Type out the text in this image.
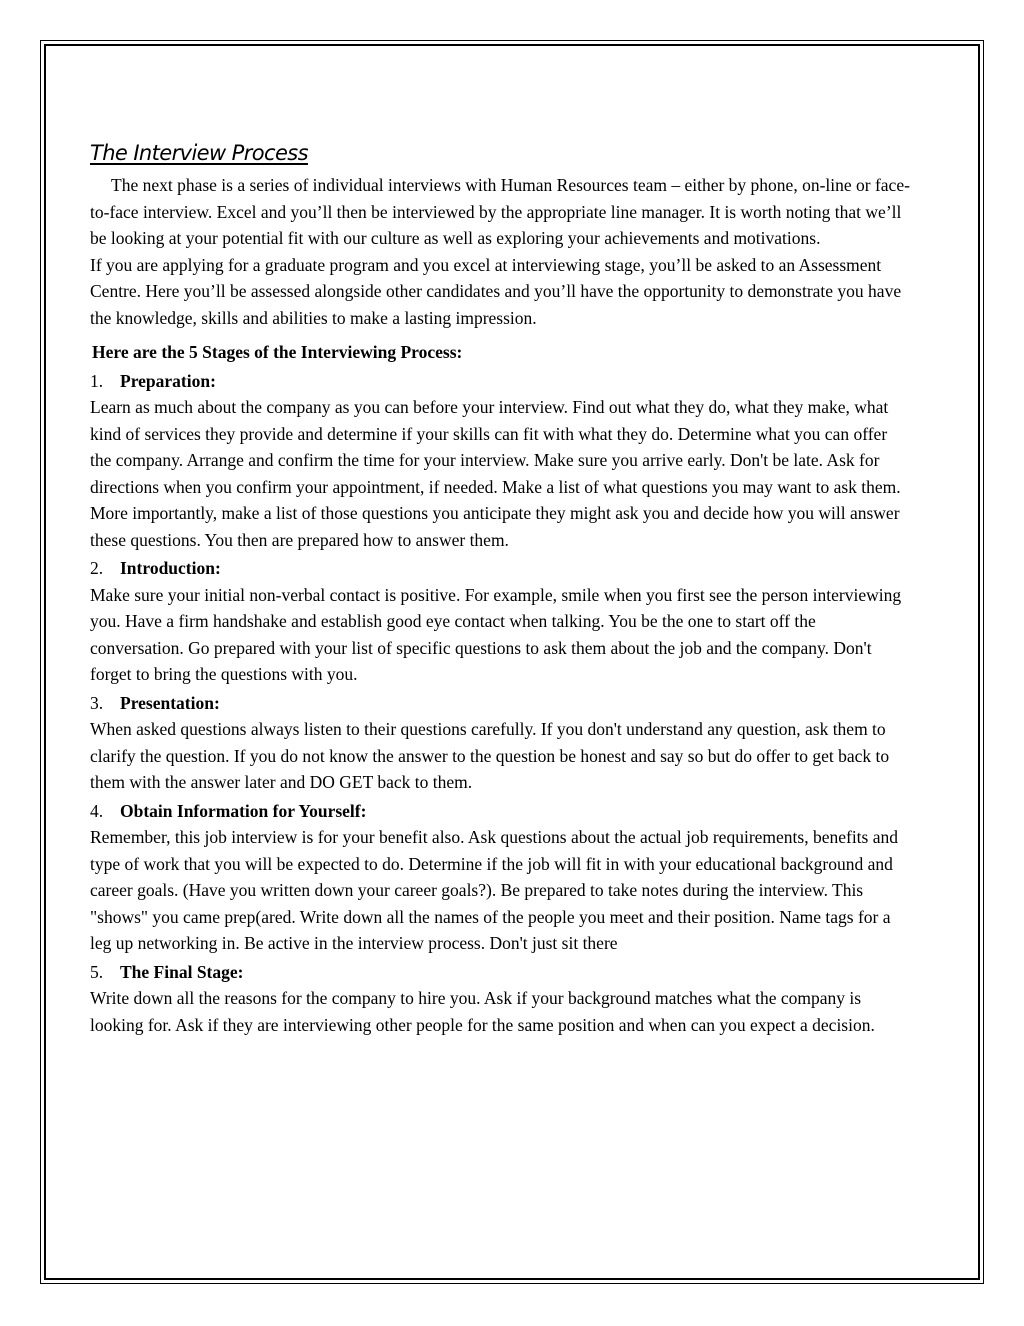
The Interview Process

The next phase is a series of individual interviews with Human Resources team – either by phone, on-line or face-to-face interview. Excel and you’ll then be interviewed by the appropriate line manager. It is worth noting that we’ll be looking at your potential fit with our culture as well as exploring your achievements and motivations.

If you are applying for a graduate program and you excel at interviewing stage, you’ll be asked to an Assessment Centre. Here you’ll be assessed alongside other candidates and you’ll have the opportunity to demonstrate you have the knowledge, skills and abilities to make a lasting impression.

Here are the 5 Stages of the Interviewing Process:

1. Preparation:

Learn as much about the company as you can before your interview. Find out what they do, what they make, what kind of services they provide and determine if your skills can fit with what they do. Determine what you can offer the company. Arrange and confirm the time for your interview. Make sure you arrive early. Don't be late. Ask for directions when you confirm your appointment, if needed. Make a list of what questions you may want to ask them. More importantly, make a list of those questions you anticipate they might ask you and decide how you will answer these questions. You then are prepared how to answer them.

2. Introduction:

Make sure your initial non-verbal contact is positive. For example, smile when you first see the person interviewing you. Have a firm handshake and establish good eye contact when talking. You be the one to start off the conversation. Go prepared with your list of specific questions to ask them about the job and the company. Don't forget to bring the questions with you.

3. Presentation:

When asked questions always listen to their questions carefully. If you don't understand any question, ask them to clarify the question. If you do not know the answer to the question be honest and say so but do offer to get back to them with the answer later and DO GET back to them.

4. Obtain Information for Yourself:

Remember, this job interview is for your benefit also. Ask questions about the actual job requirements, benefits and type of work that you will be expected to do. Determine if the job will fit in with your educational background and career goals. (Have you written down your career goals?). Be prepared to take notes during the interview. This "shows" you came prep(ared. Write down all the names of the people you meet and their position. Name tags for a leg up networking in. Be active in the interview process. Don't just sit there

5. The Final Stage:

Write down all the reasons for the company to hire you. Ask if your background matches what the company is looking for. Ask if they are interviewing other people for the same position and when can you expect a decision.
